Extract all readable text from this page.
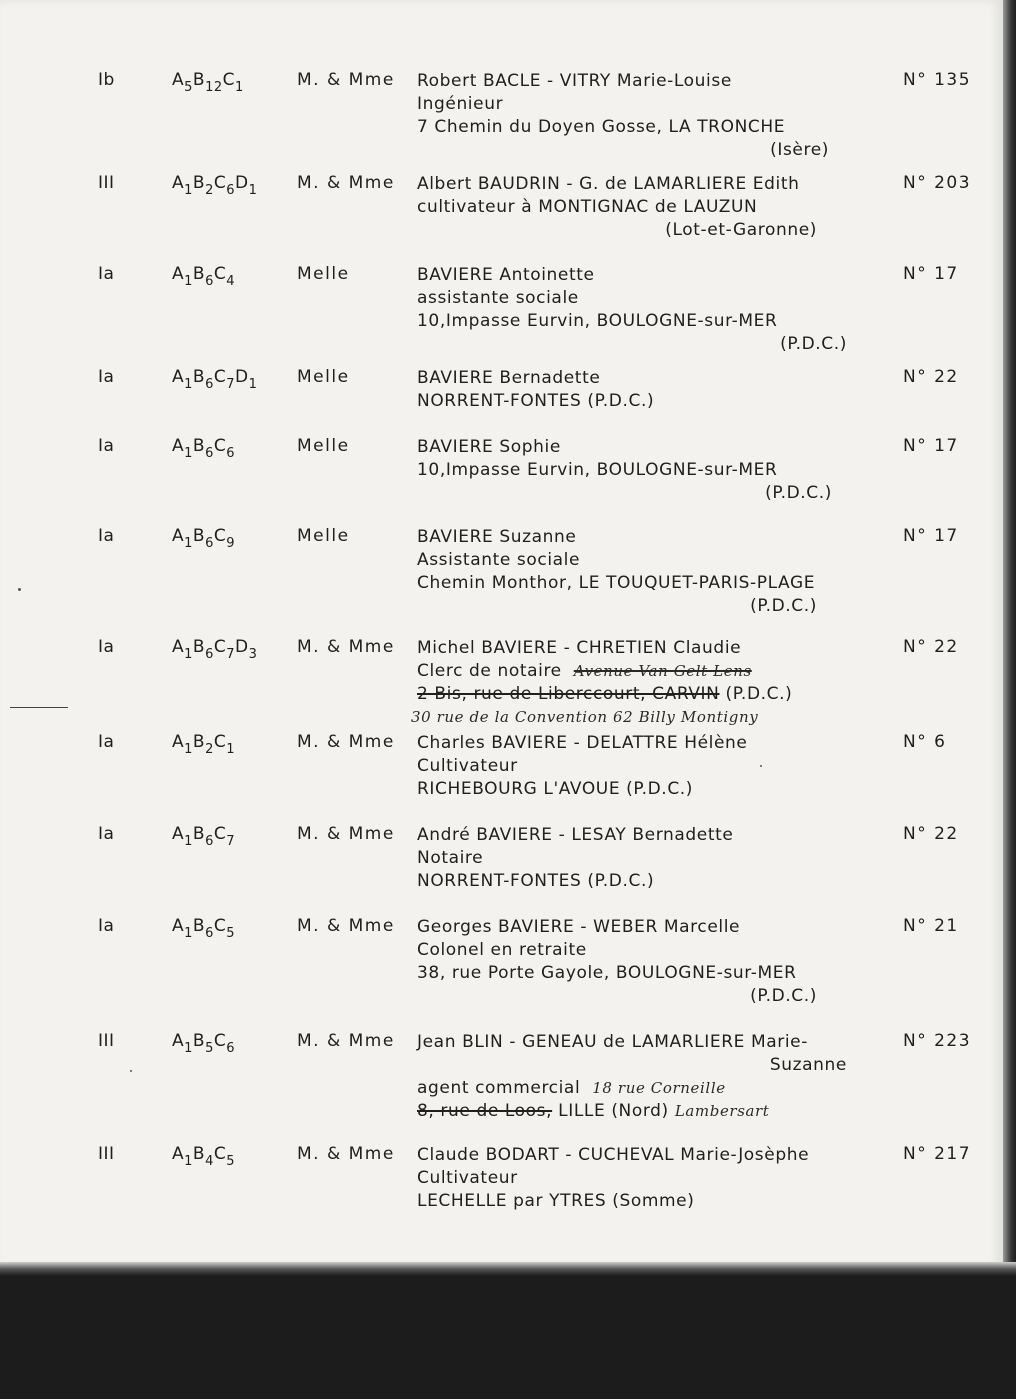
Ib	$A_5B_{12}C_1$	M. & Mme Robert BACLE - VITRY Marie-Louise
Ingénieur
7 Chemin du Doyen Gosse, LA TRONCHE
(Isère)
N° 135
III	$A_1B_2C_6D_1$ M. & Mme Albert BAUDRIN - G. de LAMARLIERE Edith
cultivateur à MONTIGNAC de LAUZUN
(Lot-et-Garonne)
N° 203
Ia	$A_1B_6C_4$	Melle	BAVIERE Antoinette
assistante sociale
10,Impasse Eurvin, BOULOGNE-sur-MER
(P.D.C.)
N° 17
Ia	$A_1B_6C_7D_1$ Melle	BAVIERE Bernadette
NORRENT-FONTES (P.D.C.)
N° 22
Ia	$A_1B_6C_6$	Melle	BAVIERE Sophie
10,Impasse Eurvin, BOULOGNE-sur-MER
(P.D.C.)
N° 17
Ia	$A_1B_6C_9$	Melle	BAVIERE Suzanne
Assistante sociale
Chemin Monthor, LE TOUQUET-PARIS-PLAGE
(P.D.C.)
N° 17
Ia	$A_1B_6C_7D_3$ M. & Mme Michel BAVIERE - CHRETIEN Claudie
Clerc de notaire Avenue Van Gelt Lens
2 Bis, rue de Liberccourt, CARVIN (P.D.C.)
30 rue de la Convention 62 Billy Montigny
N° 22
Ia	$A_1B_2C_1$	M. & Mme Charles BAVIERE - DELATTRE Hélène
Cultivateur
RICHEBOURG L'AVOUE (P.D.C.)
N° 6
Ia	$A_1B_6C_7$	M. & Mme André BAVIERE - LESAY Bernadette
Notaire
NORRENT-FONTES (P.D.C.)
N° 22
Ia	$A_1B_6C_5$	M. & Mme Georges BAVIERE - WEBER Marcelle
Colonel en retraite
38, rue Porte Gayole, BOULOGNE-sur-MER
(P.D.C.)
N° 21
III	$A_1B_5C_6$	M. & Mme Jean BLIN - GENEAU de LAMARLIERE Marie-
Suzanne
agent commercial 18 rue Corneille
8, rue de Loos, LILLE (Nord) Lambersart
N° 223
III	$A_1B_4C_5$	M. & Mme Claude BODART - CUCHEVAL Marie-Josèphe
Cultivateur
LECHELLE par YTRES (Somme)
N° 217
